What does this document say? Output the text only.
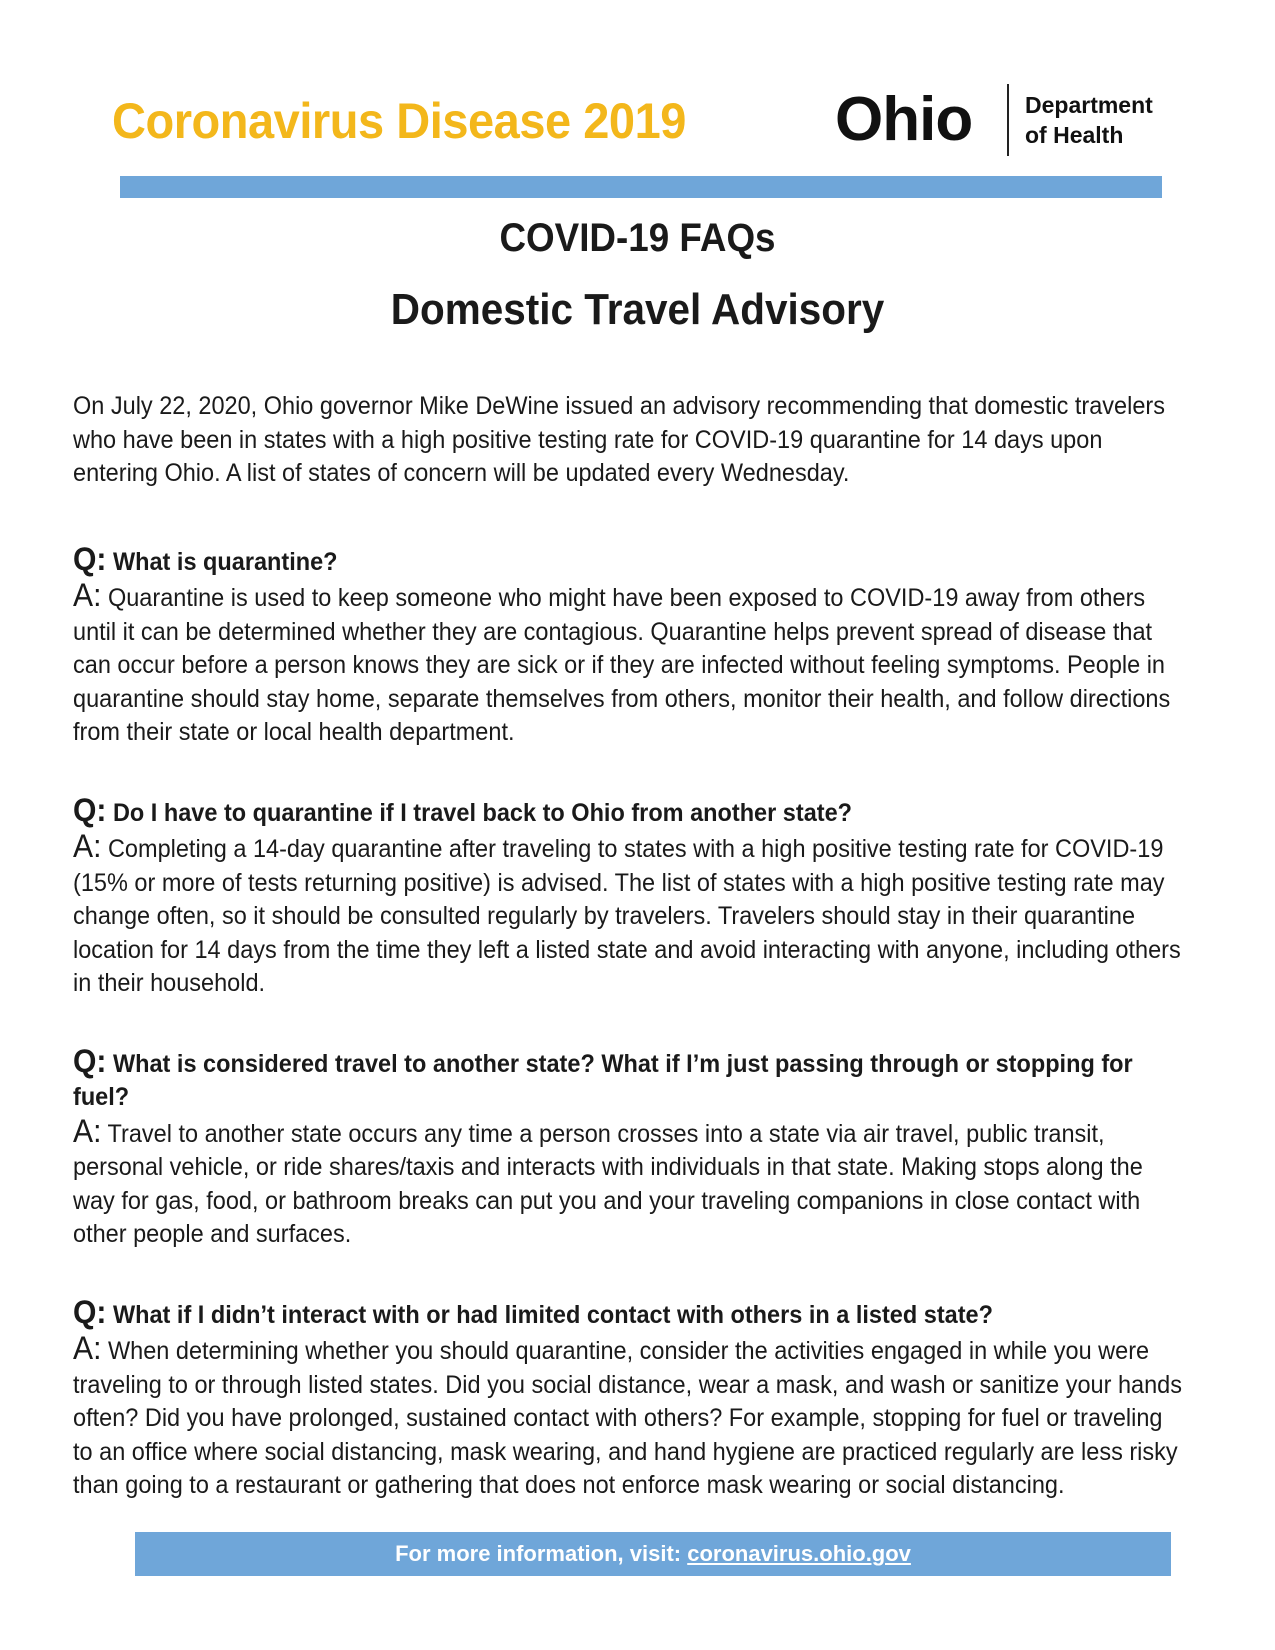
Coronavirus Disease 2019 Ohio Department
of Health
COVID-19 FAQs
Domestic Travel Advisory

On July 22, 2020, Ohio governor Mike DeWine issued an advisory recommending that domestic travelers who have been in states with a high positive testing rate for COVID-19 quarantine for 14 days upon entering Ohio. A list of states of concern will be updated every Wednesday.

Q: What is quarantine?

A: Quarantine is used to keep someone who might have been exposed to COVID-19 away from others until it can be determined whether they are contagious. Quarantine helps prevent spread of disease that can occur before a person knows they are sick or if they are infected without feeling symptoms. People in quarantine should stay home, separate themselves from others, monitor their health, and follow directions from their state or local health department.

Q: Do I have to quarantine if I travel back to Ohio from another state?

A: Completing a 14-day quarantine after traveling to states with a high positive testing rate for COVID-19 (15% or more of tests returning positive) is advised. The list of states with a high positive testing rate may change often, so it should be consulted regularly by travelers. Travelers should stay in their quarantine location for 14 days from the time they left a listed state and avoid interacting with anyone, including others in their household.

Q: What is considered travel to another state? What if I’m just passing through or stopping for fuel?

A: Travel to another state occurs any time a person crosses into a state via air travel, public transit, personal vehicle, or ride shares/taxis and interacts with individuals in that state. Making stops along the way for gas, food, or bathroom breaks can put you and your traveling companions in close contact with other people and surfaces.

Q: What if I didn’t interact with or had limited contact with others in a listed state?

A: When determining whether you should quarantine, consider the activities engaged in while you were traveling to or through listed states. Did you social distance, wear a mask, and wash or sanitize your hands often? Did you have prolonged, sustained contact with others? For example, stopping for fuel or traveling to an office where social distancing, mask wearing, and hand hygiene are practiced regularly are less risky than going to a restaurant or gathering that does not enforce mask wearing or social distancing.

For more information, visit: coronavirus.ohio.gov
